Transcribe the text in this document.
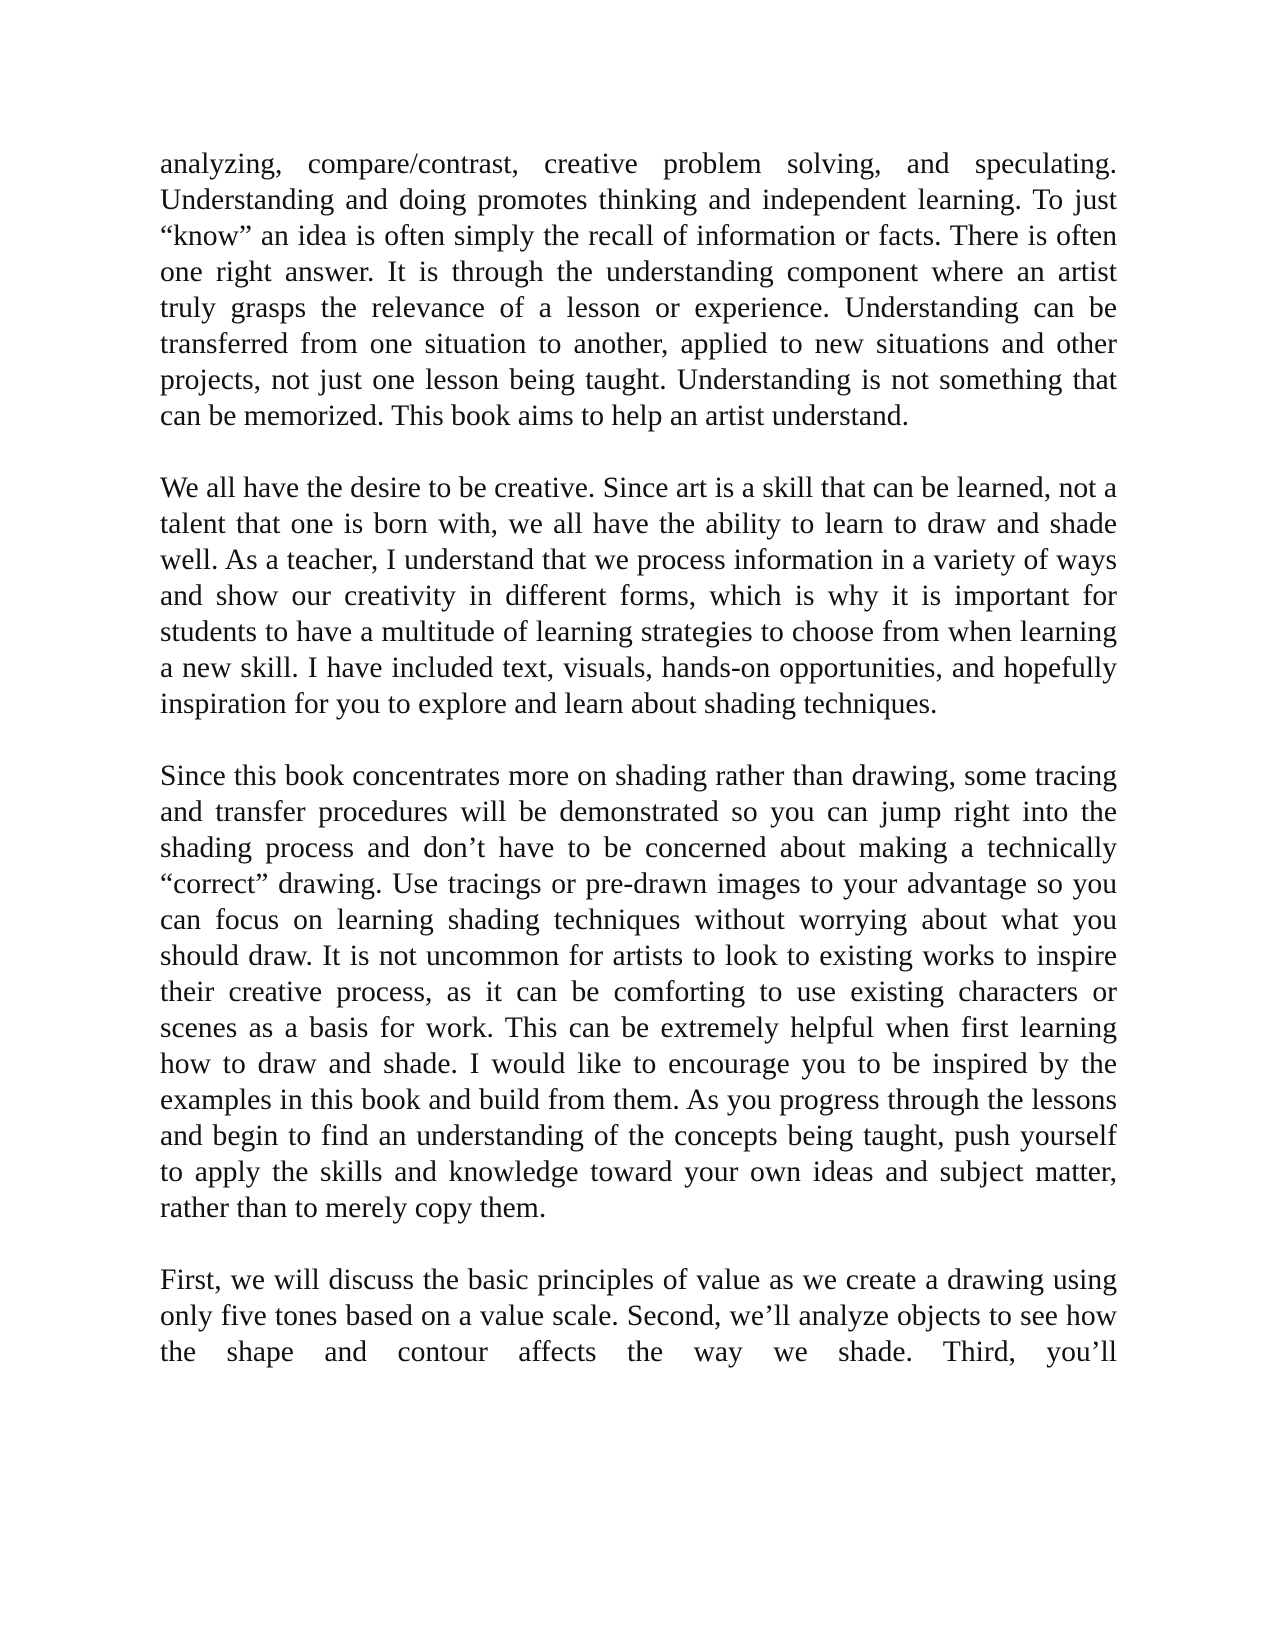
analyzing, compare/contrast, creative problem solving, and speculating. Understanding and doing promotes thinking and independent learning. To just “know” an idea is often simply the recall of information or facts. There is often one right answer. It is through the understanding component where an artist truly grasps the relevance of a lesson or experience. Understanding can be transferred from one situation to another, applied to new situations and other projects, not just one lesson being taught. Understanding is not something that can be memorized. This book aims to help an artist understand.

We all have the desire to be creative. Since art is a skill that can be learned, not a talent that one is born with, we all have the ability to learn to draw and shade well. As a teacher, I understand that we process information in a variety of ways and show our creativity in different forms, which is why it is important for students to have a multitude of learning strategies to choose from when learning a new skill. I have included text, visuals, hands-on opportunities, and hopefully inspiration for you to explore and learn about shading techniques.

Since this book concentrates more on shading rather than drawing, some tracing and transfer procedures will be demonstrated so you can jump right into the shading process and don’t have to be concerned about making a technically “correct” drawing. Use tracings or pre-drawn images to your advantage so you can focus on learning shading techniques without worrying about what you should draw. It is not uncommon for artists to look to existing works to inspire their creative process, as it can be comforting to use existing characters or scenes as a basis for work. This can be extremely helpful when first learning how to draw and shade. I would like to encourage you to be inspired by the examples in this book and build from them. As you progress through the lessons and begin to find an understanding of the concepts being taught, push yourself to apply the skills and knowledge toward your own ideas and subject matter, rather than to merely copy them.

First, we will discuss the basic principles of value as we create a drawing using only five tones based on a value scale. Second, we’ll analyze objects to see how the shape and contour affects the way we shade. Third, you’ll
